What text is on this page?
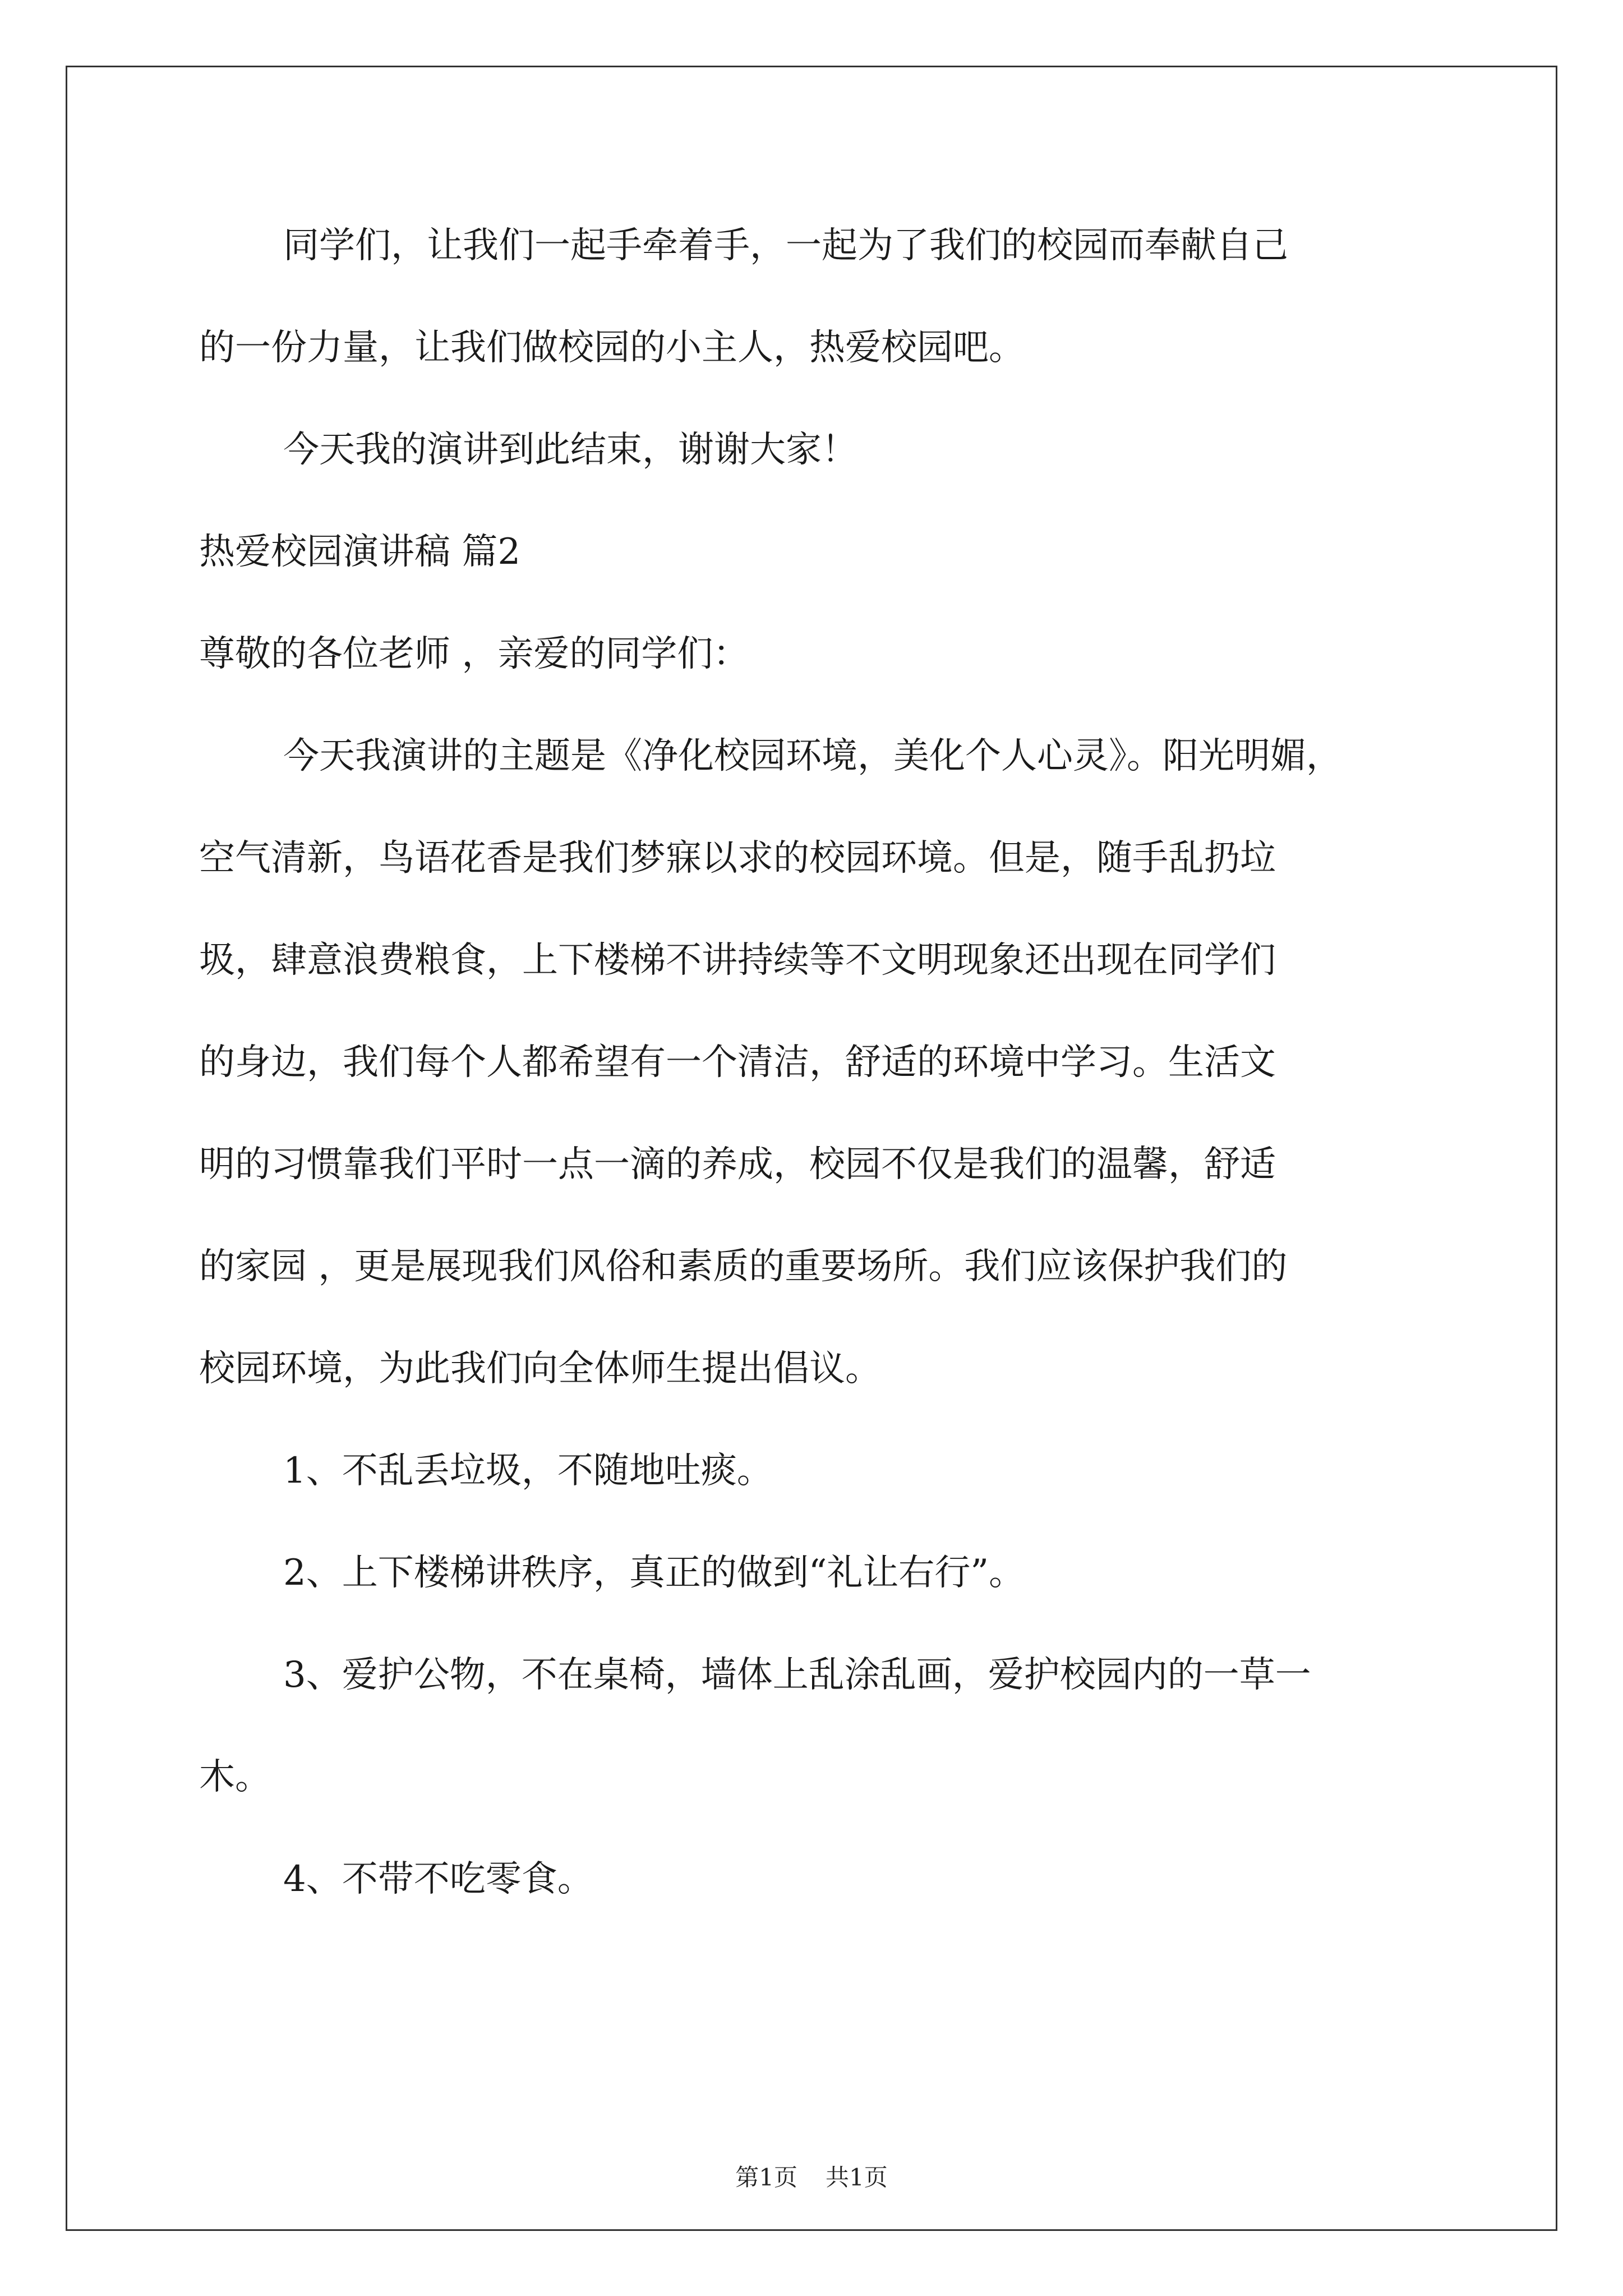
同学们，让我们一起手牵着手，一起为了我们的校园而奉献自己
的一份力量，让我们做校园的小主人，热爱校园吧。
今天我的演讲到此结束，谢谢大家！
热爱校园演讲稿 篇2
尊敬的各位老师 ，亲爱的同学们：
今天我演讲的主题是《净化校园环境，美化个人心灵》。阳光明媚，
空气清新，鸟语花香是我们梦寐以求的校园环境。但是，随手乱扔垃
圾，肆意浪费粮食，上下楼梯不讲持续等不文明现象还出现在同学们
的身边，我们每个人都希望有一个清洁，舒适的环境中学习。生活文
明的习惯靠我们平时一点一滴的养成，校园不仅是我们的温馨，舒适
的家园 ，更是展现我们风俗和素质的重要场所。我们应该保护我们的
校园环境，为此我们向全体师生提出倡议。
1、不乱丢垃圾，不随地吐痰。
2、上下楼梯讲秩序，真正的做到“礼让右行”。
3、爱护公物，不在桌椅，墙体上乱涂乱画，爱护校园内的一草一
木。
4、不带不吃零食。
第1页 共1页
